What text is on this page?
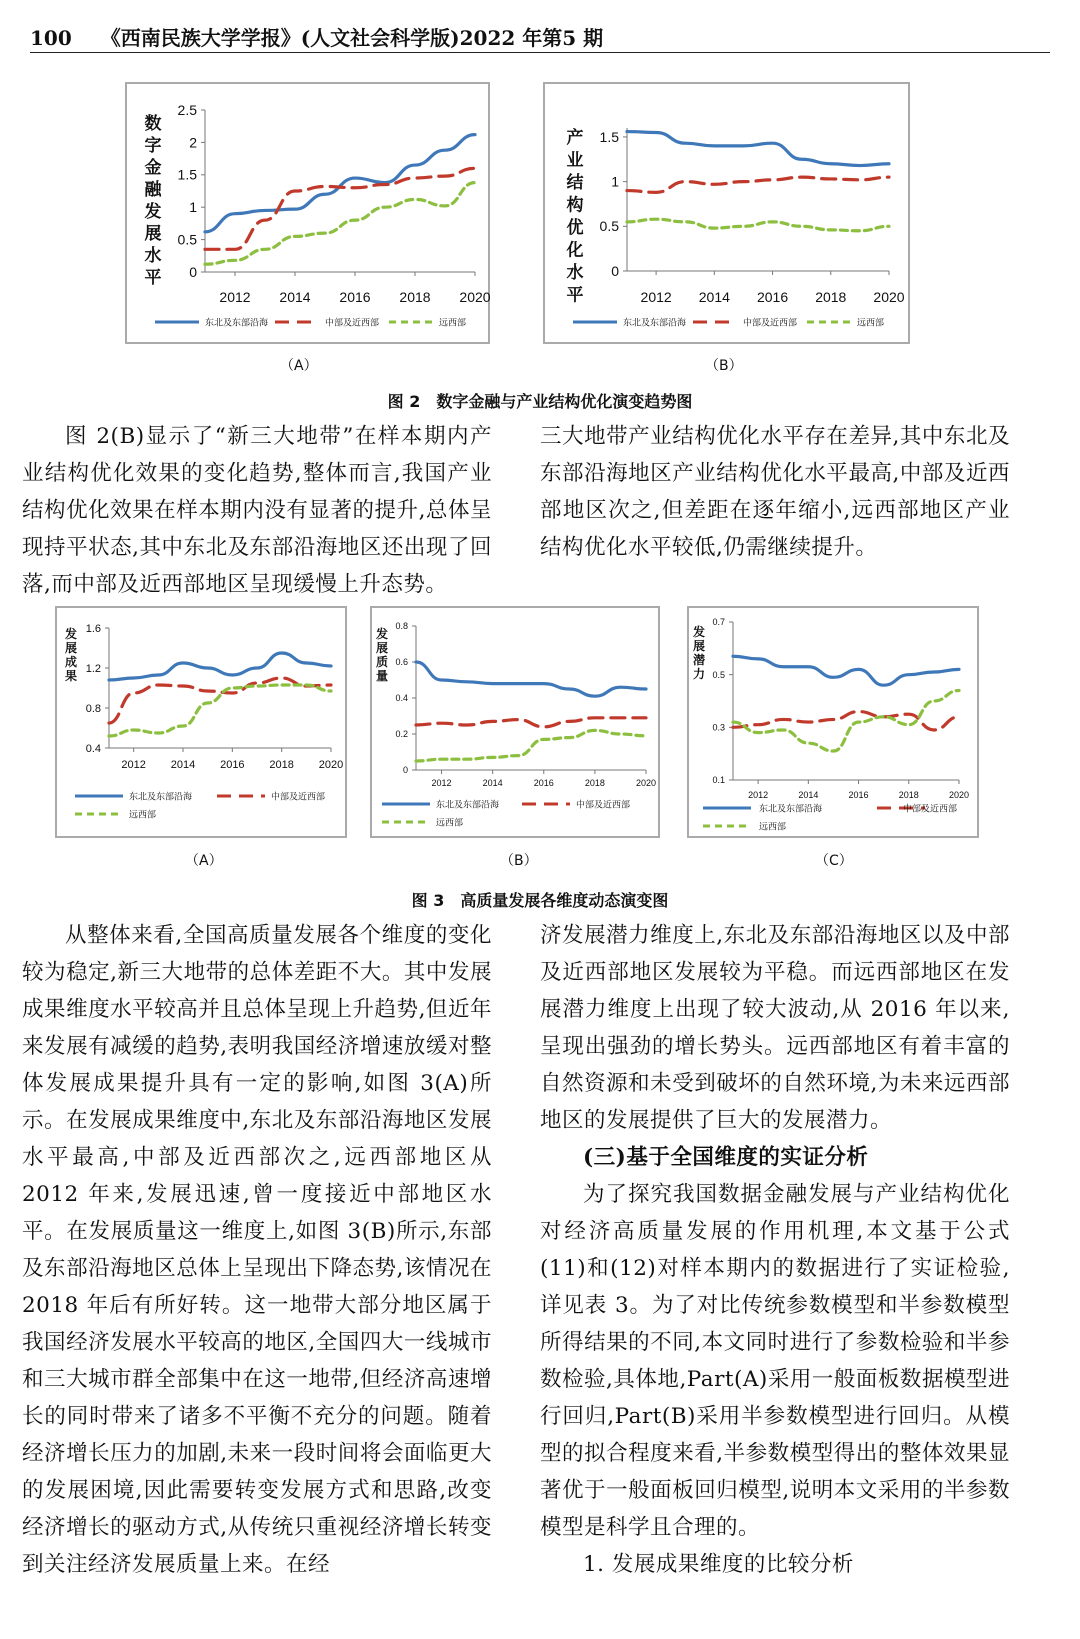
100 《西南民族大学学报》(人文社会科学版)2022 年第5 期
0
0.5
1
1.5
2
2.5
2012 2014 2016 2018 2020
数
字
金
融
发
展
水
平
东北及东部沿海	中部及近西部	远西部
0
0.5
1
1.5
2012 2014 2016 2018 2020
产
业
结
构
优
化
水
平
东北及东部沿海	中部及近西部	远西部
（A）	（B）
图 2　数字金融与产业结构优化演变趋势图

图 2(B)显示了“新三大地带”在样本期内产业结构优化效果的变化趋势,整体而言,我国产业结构优化效果在样本期内没有显著的提升,总体呈现持平状态,其中东北及东部沿海地区还出现了回落,而中部及近西部地区呈现缓慢上升态势。

三大地带产业结构优化水平存在差异,其中东北及东部沿海地区产业结构优化水平最高,中部及近西部地区次之,但差距在逐年缩小,远西部地区产业结构优化水平较低,仍需继续提升。

0.4
0.8
1.2
1.6
2012 2014 2016 2018 2020
发
展
成
果
东北及东部沿海	中部及近西部
远西部
0
0.2
0.4
0.6
0.8
2012	2014	2016	2018	2020
发
展
质
量
东北及东部沿海	中部及近西部
远西部
0.1
0.3
0.5
0.7
2012	2014	2016	2018	2020
发
展
潜
力
东北及东部沿海	中部及近西部
远西部
（A）	（B）	（C）
图 3　高质量发展各维度动态演变图

从整体来看,全国高质量发展各个维度的变化较为稳定,新三大地带的总体差距不大。其中发展成果维度水平较高并且总体呈现上升趋势,但近年来发展有减缓的趋势,表明我国经济增速放缓对整体发展成果提升具有一定的影响,如图 3(A)所示。在发展成果维度中,东北及东部沿海地区发展水平最高,中部及近西部次之,远西部地区从 2012 年来,发展迅速,曾一度接近中部地区水平。在发展质量这一维度上,如图 3(B)所示,东部及东部沿海地区总体上呈现出下降态势,该情况在 2018 年后有所好转。这一地带大部分地区属于我国经济发展水平较高的地区,全国四大一线城市和三大城市群全部集中在这一地带,但经济高速增长的同时带来了诸多不平衡不充分的问题。随着经济增长压力的加剧,未来一段时间将会面临更大的发展困境,因此需要转变发展方式和思路,改变经济增长的驱动方式,从传统只重视经济增长转变到关注经济发展质量上来。在经

济发展潜力维度上,东北及东部沿海地区以及中部及近西部地区发展较为平稳。而远西部地区在发展潜力维度上出现了较大波动,从 2016 年以来,呈现出强劲的增长势头。远西部地区有着丰富的自然资源和未受到破坏的自然环境,为未来远西部地区的发展提供了巨大的发展潜力。

(三)基于全国维度的实证分析

为了探究我国数据金融发展与产业结构优化对经济高质量发展的作用机理,本文基于公式(11)和(12)对样本期内的数据进行了实证检验,详见表 3。为了对比传统参数模型和半参数模型所得结果的不同,本文同时进行了参数检验和半参数检验,具体地,Part(A)采用一般面板数据模型进行回归,Part(B)采用半参数模型进行回归。从模型的拟合程度来看,半参数模型得出的整体效果显著优于一般面板回归模型,说明本文采用的半参数模型是科学且合理的。

1. 发展成果维度的比较分析
